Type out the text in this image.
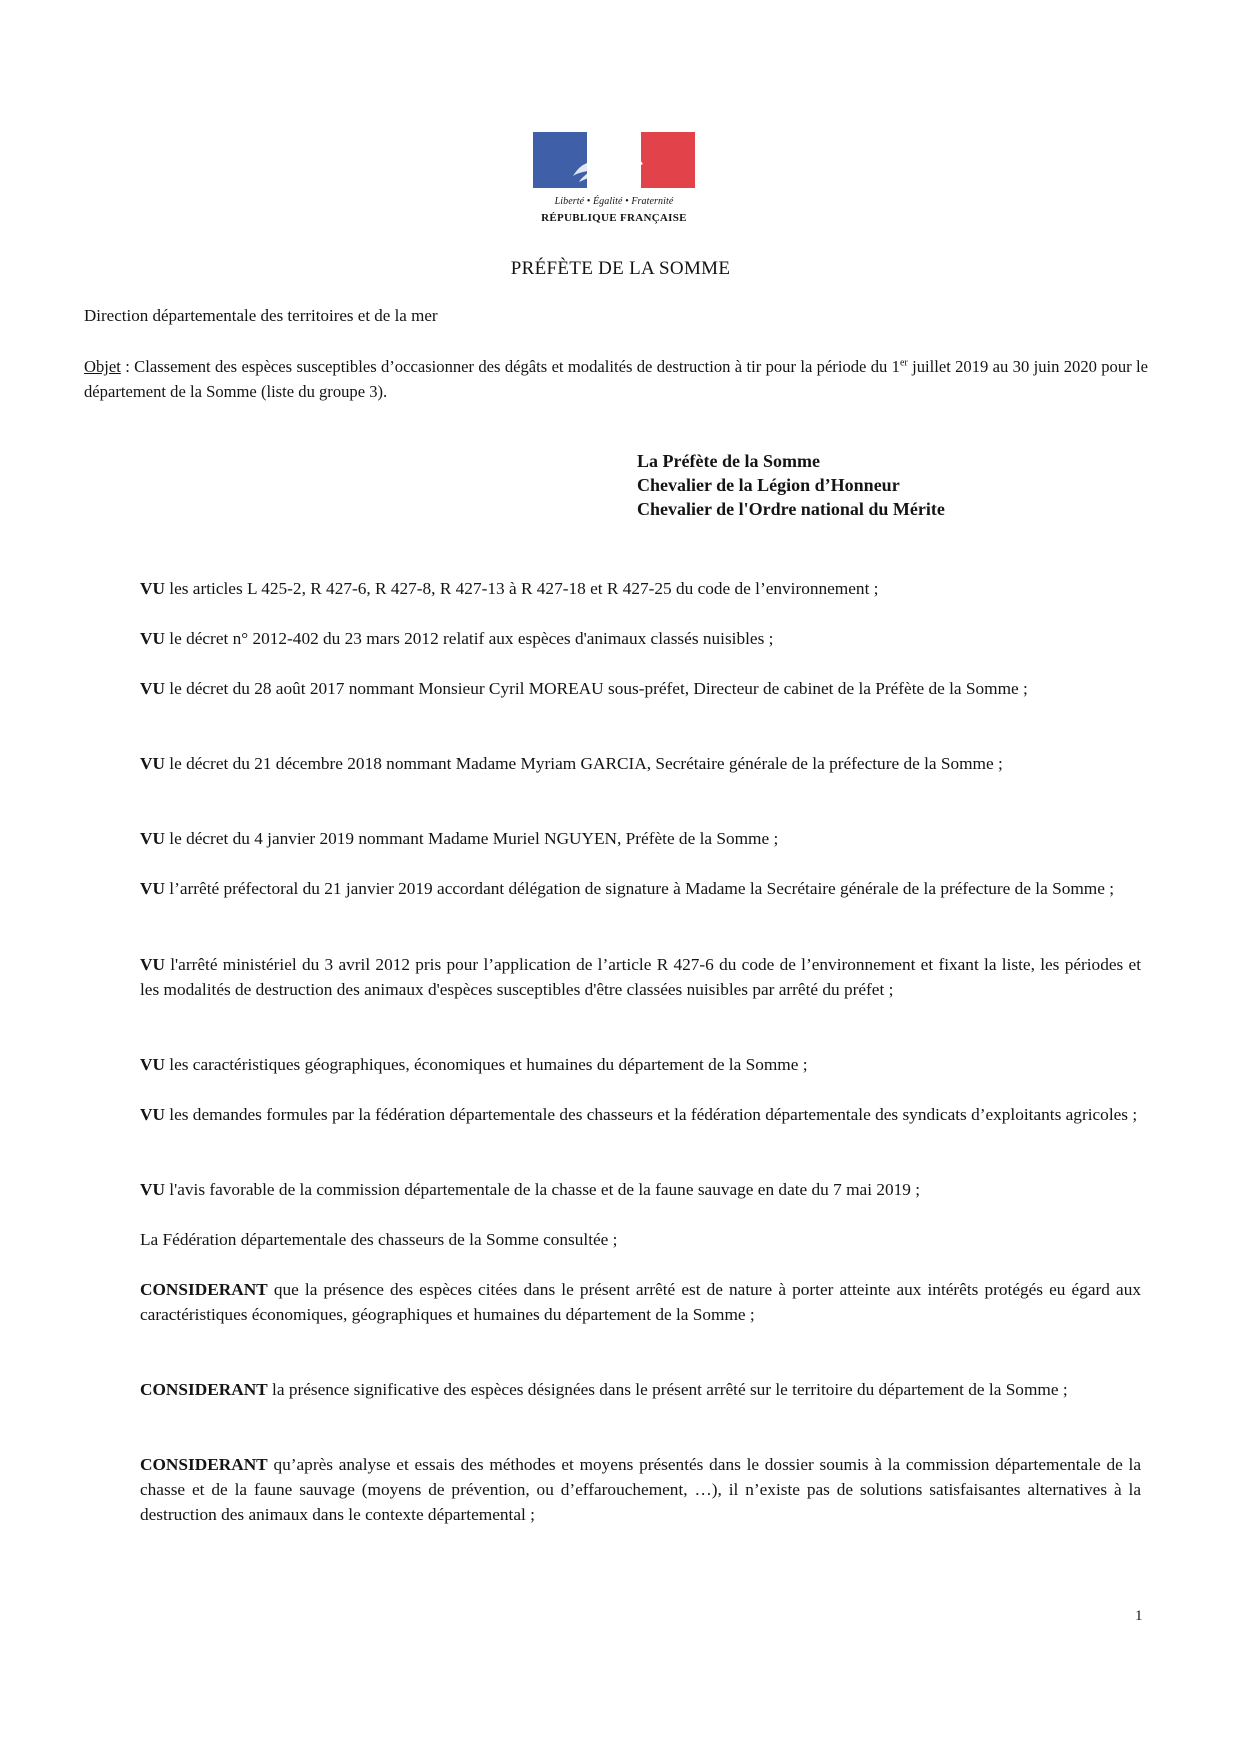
Liberté • Égalité • Fraternité
RÉPUBLIQUE FRANÇAISE
PRÉFÈTE DE LA SOMME
Direction départementale des territoires et de la mer
Objet : Classement des espèces susceptibles d’occasionner des dégâts et modalités de destruction à tir pour la période du 1er juillet 2019 au 30 juin 2020 pour le département de la Somme (liste du groupe 3).
La Préfète de la Somme
Chevalier de la Légion d’Honneur
Chevalier de l'Ordre national du Mérite

VU les articles L 425-2, R 427-6, R 427-8, R 427-13 à R 427-18 et R 427-25 du code de l’environnement ;

VU le décret n° 2012-402 du 23 mars 2012 relatif aux espèces d'animaux classés nuisibles ;

VU le décret du 28 août 2017 nommant Monsieur Cyril MOREAU sous-préfet, Directeur de cabinet de la Préfète de la Somme ;

VU le décret du 21 décembre 2018 nommant Madame Myriam GARCIA, Secrétaire générale de la préfecture de la Somme ;

VU le décret du 4 janvier 2019 nommant Madame Muriel NGUYEN, Préfète de la Somme ;

VU l’arrêté préfectoral du 21 janvier 2019 accordant délégation de signature à Madame la Secrétaire générale de la préfecture de la Somme ;

VU l'arrêté ministériel du 3 avril 2012 pris pour l’application de l’article R 427-6 du code de l’environnement et fixant la liste, les périodes et les modalités de destruction des animaux d'espèces susceptibles d'être classées nuisibles par arrêté du préfet ;

VU les caractéristiques géographiques, économiques et humaines du département de la Somme ;

VU les demandes formules par la fédération départementale des chasseurs et la fédération départementale des syndicats d’exploitants agricoles ;

VU l'avis favorable de la commission départementale de la chasse et de la faune sauvage en date du 7 mai 2019 ;

La Fédération départementale des chasseurs de la Somme consultée ;

CONSIDERANT que la présence des espèces citées dans le présent arrêté est de nature à porter atteinte aux intérêts protégés eu égard aux caractéristiques économiques, géographiques et humaines du département de la Somme ;

CONSIDERANT la présence significative des espèces désignées dans le présent arrêté sur le territoire du département de la Somme ;

CONSIDERANT qu’après analyse et essais des méthodes et moyens présentés dans le dossier soumis à la commission départementale de la chasse et de la faune sauvage (moyens de prévention, ou d’effarouchement, …), il n’existe pas de solutions satisfaisantes alternatives à la destruction des animaux dans le contexte départemental ;

1
